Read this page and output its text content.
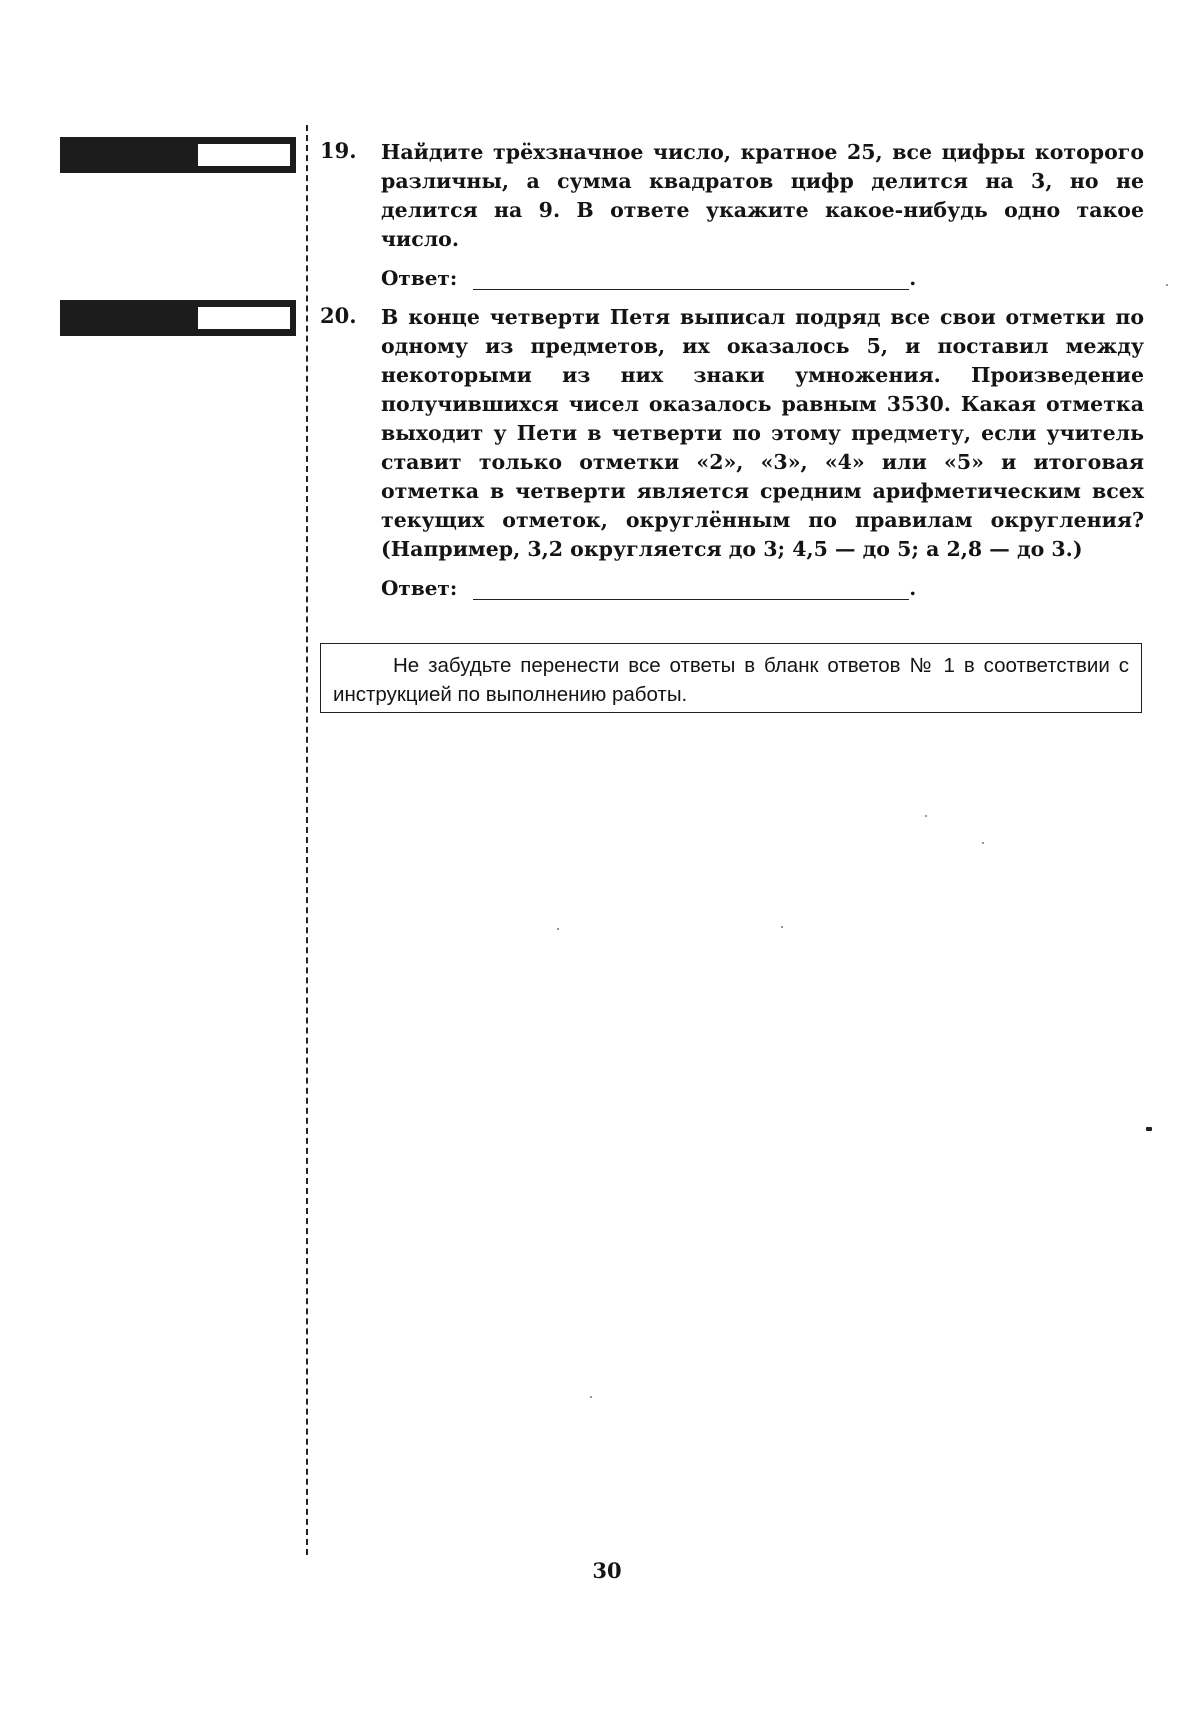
19. Найдите трёхзначное число, кратное 25, все цифры которого различны, а сумма квадратов цифр делится на 3, но не делится на 9. В ответе укажите какое-нибудь одно такое число.
Ответ:	.
20. В конце четверти Петя выписал подряд все свои отметки по одному из предметов, их оказалось 5, и поставил между некоторыми из них знаки умножения. Произведение получившихся чисел оказалось равным 3530. Какая отметка выходит у Пети в четверти по этому предмету, если учитель ставит только отметки «2», «3», «4» или «5» и итоговая отметка в четверти является средним арифметическим всех текущих отметок, округлённым по правилам округления? (Например, 3,2 округляется до 3; 4,5 — до 5; а 2,8 — до 3.)
Ответ:	.
Не забудьте перенести все ответы в бланк ответов № 1 в соответствии с инструкцией по выполнению работы.
30
